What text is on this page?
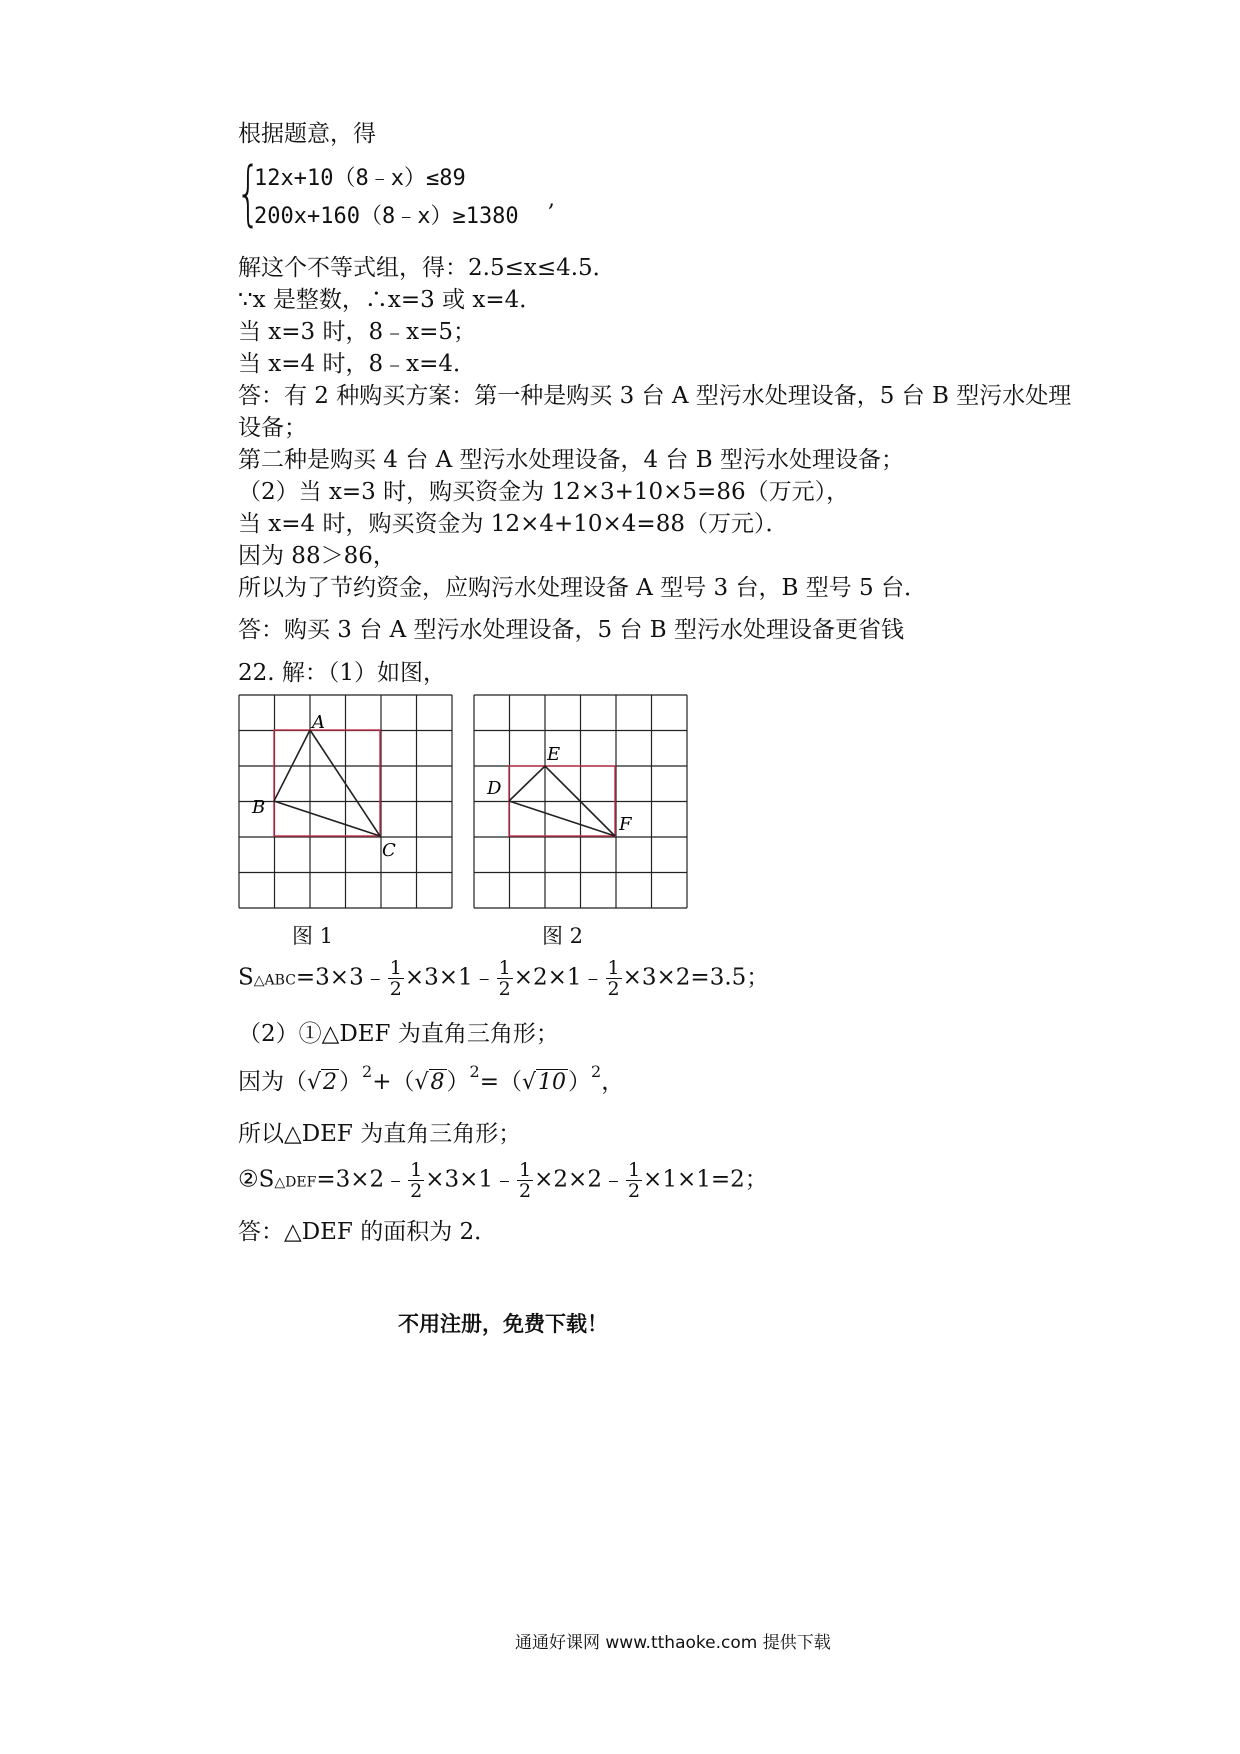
根据题意，得
{
12x+10（8﹣x）≤89
200x+160（8﹣x）≥1380
,
解这个不等式组，得：2.5≤x≤4.5．
∵x 是整数，∴x=3 或 x=4．
当 x=3 时，8﹣x=5；
当 x=4 时，8﹣x=4．
答：有 2 种购买方案：第一种是购买 3 台 A 型污水处理设备，5 台 B 型污水处理
设备；
第二种是购买 4 台 A 型污水处理设备，4 台 B 型污水处理设备；
（2）当 x=3 时，购买资金为 12×3+10×5=86（万元），
当 x=4 时，购买资金为 12×4+10×4=88（万元）．
因为 88＞86，
所以为了节约资金，应购污水处理设备 A 型号 3 台，B 型号 5 台．
答：购买 3 台 A 型污水处理设备，5 台 B 型污水处理设备更省钱
22. 解：（1）如图，
A
B
C
E
D
F
图 1	图 2
S△ABC=3×3﹣ $\frac{1}{2}$ ×3×1﹣ $\frac{1}{2}$ ×2×1﹣ $\frac{1}{2} \times 3\times 2=3.5$；
（2）①△DEF 为直角三角形；
因为$(√2)^2+(√8)^2=(√10)^2$，
所以△DEF 为直角三角形；
②S△DEF=3×2﹣ $\frac{1}{2}$ ×3×1﹣ $\frac{1}{2}$ ×2×2﹣ $\frac{1}{2} \times 1\times 1=2$；
答：△DEF 的面积为 2．
不用注册，免费下载！
通通好课网 www.tthaoke.com 提供下载
